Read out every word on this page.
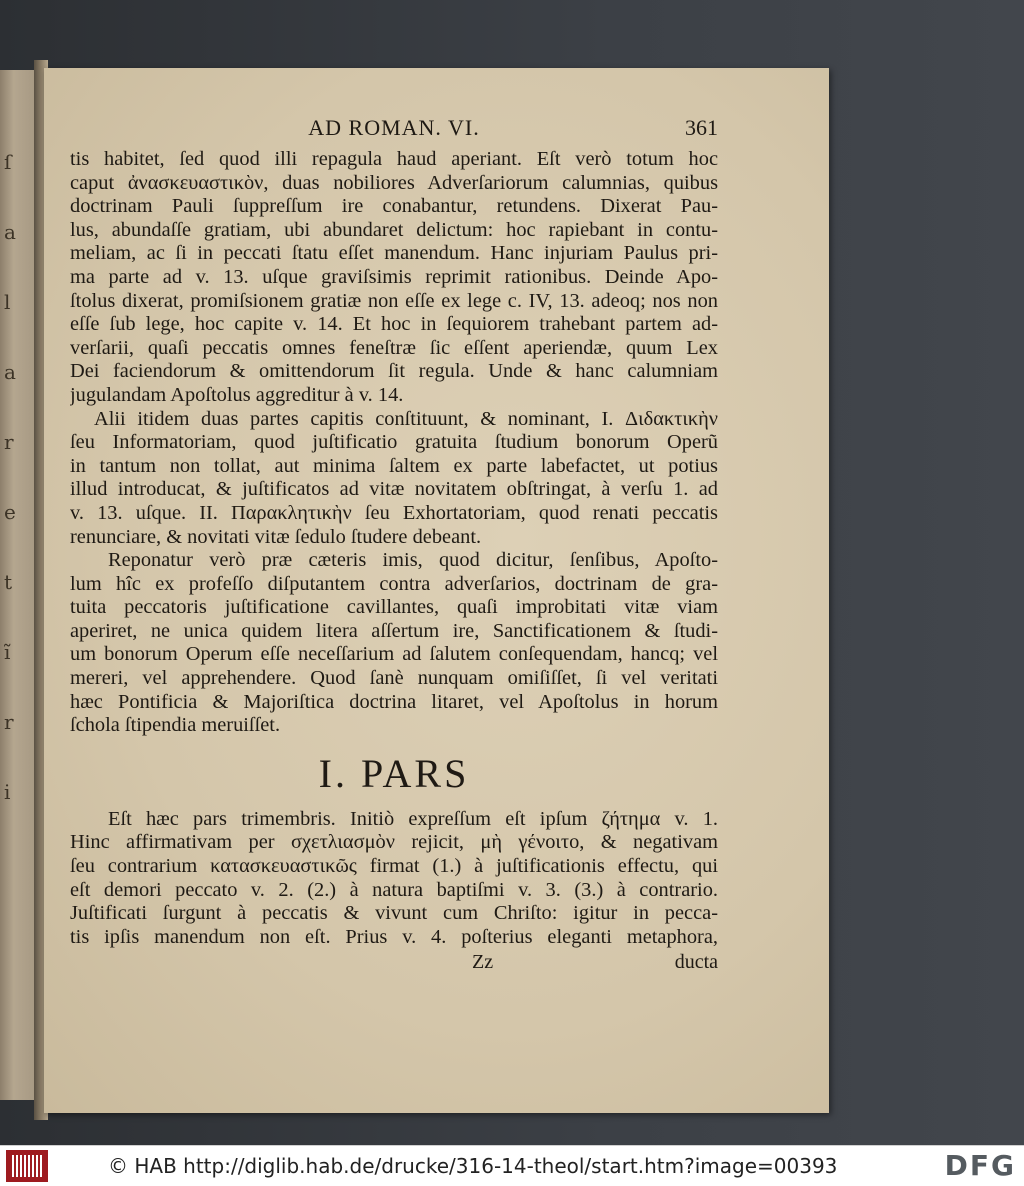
ſ
a
l
a
r
e
t
ĩ
r
i
AD ROMAN. VI.	361
tis habitet, ſed quod illi repagula haud aperiant. Eſt verò totum hoc
caput ἀνασκευαστικὸν, duas nobiliores Adverſariorum calumnias, quibus
doctrinam Pauli ſuppreſſum ire conabantur, retundens. Dixerat Pau-
lus, abundaſſe gratiam, ubi abundaret delictum: hoc rapiebant in contu-
meliam, ac ſi in peccati ſtatu eſſet manendum. Hanc injuriam Paulus pri-
ma parte ad v. 13. uſque graviſsimis reprimit rationibus. Deinde Apo-
ſtolus dixerat, promiſsionem gratiæ non eſſe ex lege c. IV, 13. adeoq; nos non
eſſe ſub lege, hoc capite v. 14. Et hoc in ſequiorem trahebant partem ad-
verſarii, quaſi peccatis omnes feneſtræ ſic eſſent aperiendæ, quum Lex
Dei faciendorum & omittendorum ſit regula. Unde & hanc calumniam
jugulandam Apoſtolus aggreditur à v. 14.
Alii itidem duas partes capitis conſtituunt, & nominant, I. Διδακτικὴν
ſeu Informatoriam, quod juſtificatio gratuita ſtudium bonorum Operũ
in tantum non tollat, aut minima ſaltem ex parte labefactet, ut potius
illud introducat, & juſtificatos ad vitæ novitatem obſtringat, à verſu 1. ad
v. 13. uſque. II. Παρακλητικὴν ſeu Exhortatoriam, quod renati peccatis
renunciare, & novitati vitæ ſedulo ſtudere debeant.
Reponatur verò præ cæteris imis, quod dicitur, ſenſibus, Apoſto-
lum hîc ex profeſſo diſputantem contra adverſarios, doctrinam de gra-
tuita peccatoris juſtificatione cavillantes, quaſi improbitati vitæ viam
aperiret, ne unica quidem litera aſſertum ire, Sanctificationem & ſtudi-
um bonorum Operum eſſe neceſſarium ad ſalutem conſequendam, hancq; vel
mereri, vel apprehendere. Quod ſanè nunquam omiſiſſet, ſi vel veritati
hæc Pontificia & Majoriſtica doctrina litaret, vel Apoſtolus in horum
ſchola ſtipendia meruiſſet.
I. PARS
Eſt hæc pars trimembris. Initiò expreſſum eſt ipſum ζήτημα v. 1.
Hinc affirmativam per σχετλιασμὸν rejicit, μὴ γένοιτο, & negativam
ſeu contrarium κατασκευαστικῶς firmat (1.) à juſtificationis effectu, qui
eſt demori peccato v. 2. (2.) à natura baptiſmi v. 3. (3.) à contrario.
Juſtificati ſurgunt à peccatis & vivunt cum Chriſto: igitur in pecca-
tis ipſis manendum non eſt. Prius v. 4. poſterius eleganti metaphora,
Zz	ducta
© HAB http://diglib.hab.de/drucke/316-14-theol/start.htm?image=00393	DFG
